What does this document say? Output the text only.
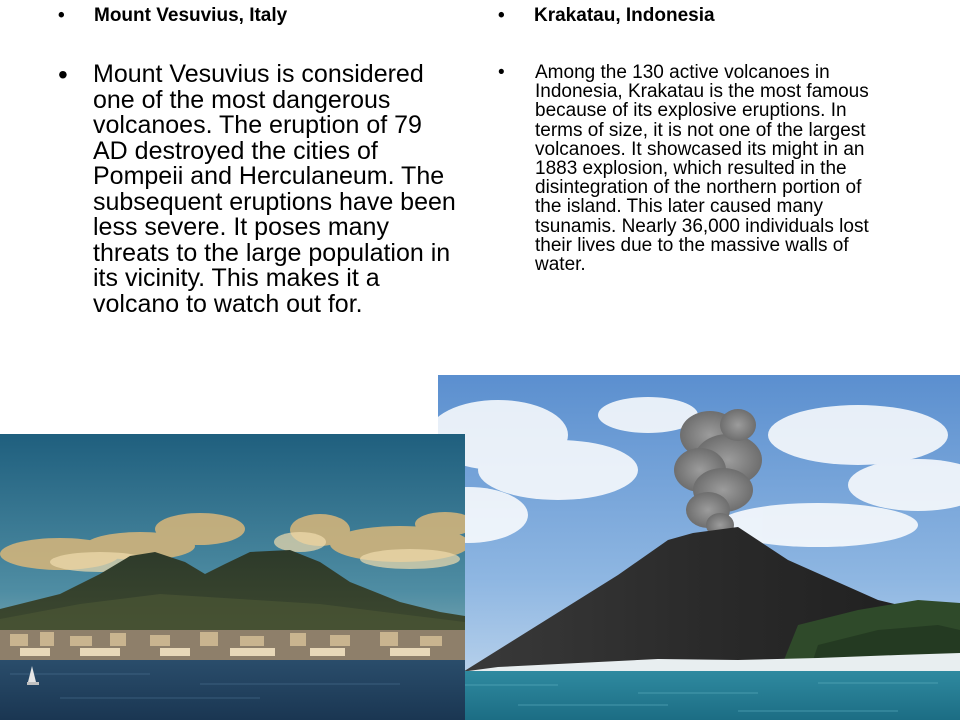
• Mount Vesuvius, Italy
• Mount Vesuvius is considered one of the most dangerous volcanoes. The eruption of 79 AD destroyed the cities of Pompeii and Herculaneum. The subsequent eruptions have been less severe. It poses many threats to the large population in its vicinity. This makes it a volcano to watch out for.
• Krakatau, Indonesia
• Among the 130 active volcanoes in Indonesia, Krakatau is the most famous because of its explosive eruptions. In terms of size, it is not one of the largest volcanoes. It showcased its might in an 1883 explosion, which resulted in the disintegration of the northern portion of the island. This later caused many tsunamis. Nearly 36,000 individuals lost their lives due to the massive walls of water.
